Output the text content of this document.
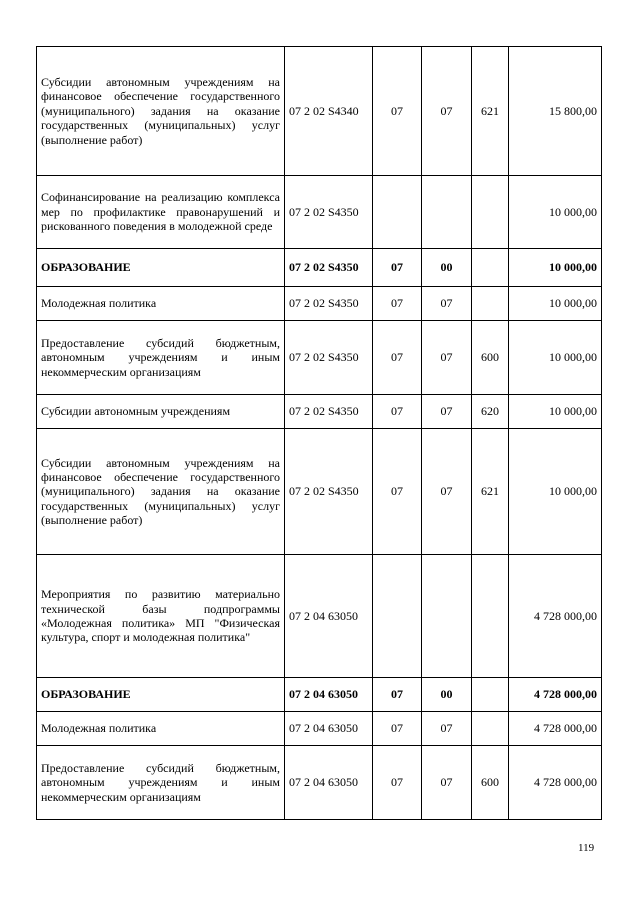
Субсидии автономным учреждениям на финансовое обеспечение государственного (муниципального) задания на оказание государственных (муниципальных) услуг (выполнение работ)	07 2 02 S4340	07	07	621	15 800,00
Софинансирование на реализацию комплекса мер по профилактике правонарушений и рискованного поведения в молодежной среде	07 2 02 S4350				10 000,00
ОБРАЗОВАНИЕ	07 2 02 S4350	07	00		10 000,00
Молодежная политика	07 2 02 S4350	07	07		10 000,00
Предоставление субсидий бюджетным, автономным учреждениям и иным некоммерческим организациям	07 2 02 S4350	07	07	600	10 000,00
Субсидии автономным учреждениям	07 2 02 S4350	07	07	620	10 000,00
Субсидии автономным учреждениям на финансовое обеспечение государственного (муниципального) задания на оказание государственных (муниципальных) услуг (выполнение работ)	07 2 02 S4350	07	07	621	10 000,00
Мероприятия по развитию материально технической базы подпрограммы «Молодежная политика» МП "Физическая культура, спорт и молодежная политика"	07 2 04 63050				4 728 000,00
ОБРАЗОВАНИЕ	07 2 04 63050	07	00		4 728 000,00
Молодежная политика	07 2 04 63050	07	07		4 728 000,00
Предоставление субсидий бюджетным, автономным учреждениям и иным некоммерческим организациям	07 2 04 63050	07	07	600	4 728 000,00
119
